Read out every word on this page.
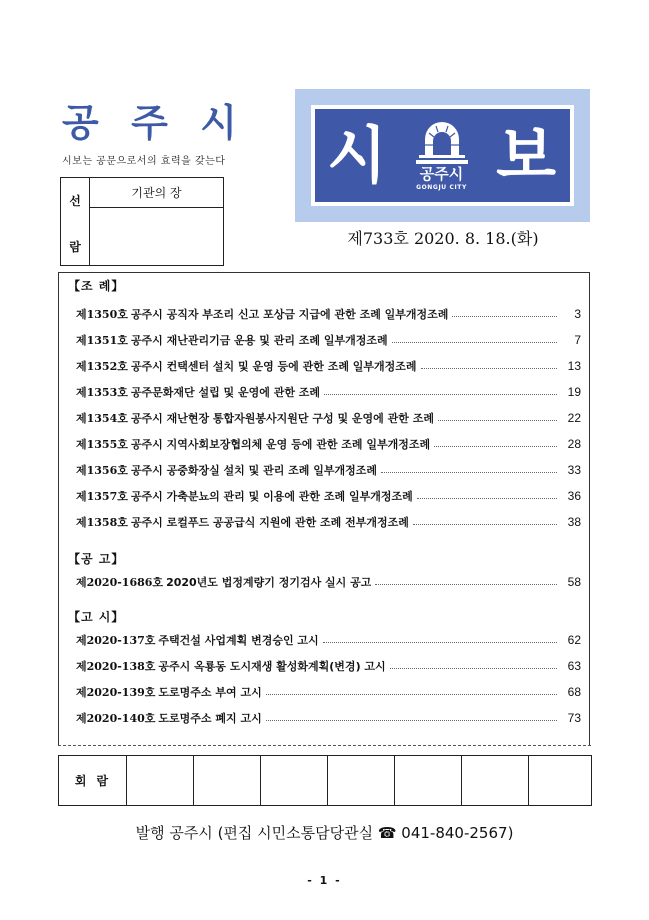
공 주 시
시보는 공문으로서의 효력을 갖는다
선
람
기관의 장
시 공주시
GONGJU CITY 보
제733호 2020. 8. 18.(화)
【조 례】
제1350호 공주시 공직자 부조리 신고 포상금 지급에 관한 조례 일부개정조례	3
제1351호 공주시 재난관리기금 운용 및 관리 조례 일부개정조례	7
제1352호 공주시 컨택센터 설치 및 운영 등에 관한 조례 일부개정조례	13
제1353호 공주문화재단 설립 및 운영에 관한 조례	19
제1354호 공주시 재난현장 통합자원봉사지원단 구성 및 운영에 관한 조례	22
제1355호 공주시 지역사회보장협의체 운영 등에 관한 조례 일부개정조례	28
제1356호 공주시 공중화장실 설치 및 관리 조례 일부개정조례	33
제1357호 공주시 가축분뇨의 관리 및 이용에 관한 조례 일부개정조례	36
제1358호 공주시 로컬푸드 공공급식 지원에 관한 조례 전부개정조례	38
【공 고】
제2020-1686호 2020년도 법정계량기 정기검사 실시 공고	58
【고 시】
제2020-137호 주택건설 사업계획 변경승인 고시	62
제2020-138호 공주시 옥룡동 도시재생 활성화계획(변경) 고시	63
제2020-139호 도로명주소 부여 고시	68
제2020-140호 도로명주소 폐지 고시	73
회람
발행 공주시 (편집 시민소통담당관실 ☎ 041-840-2567)
- 1 -
